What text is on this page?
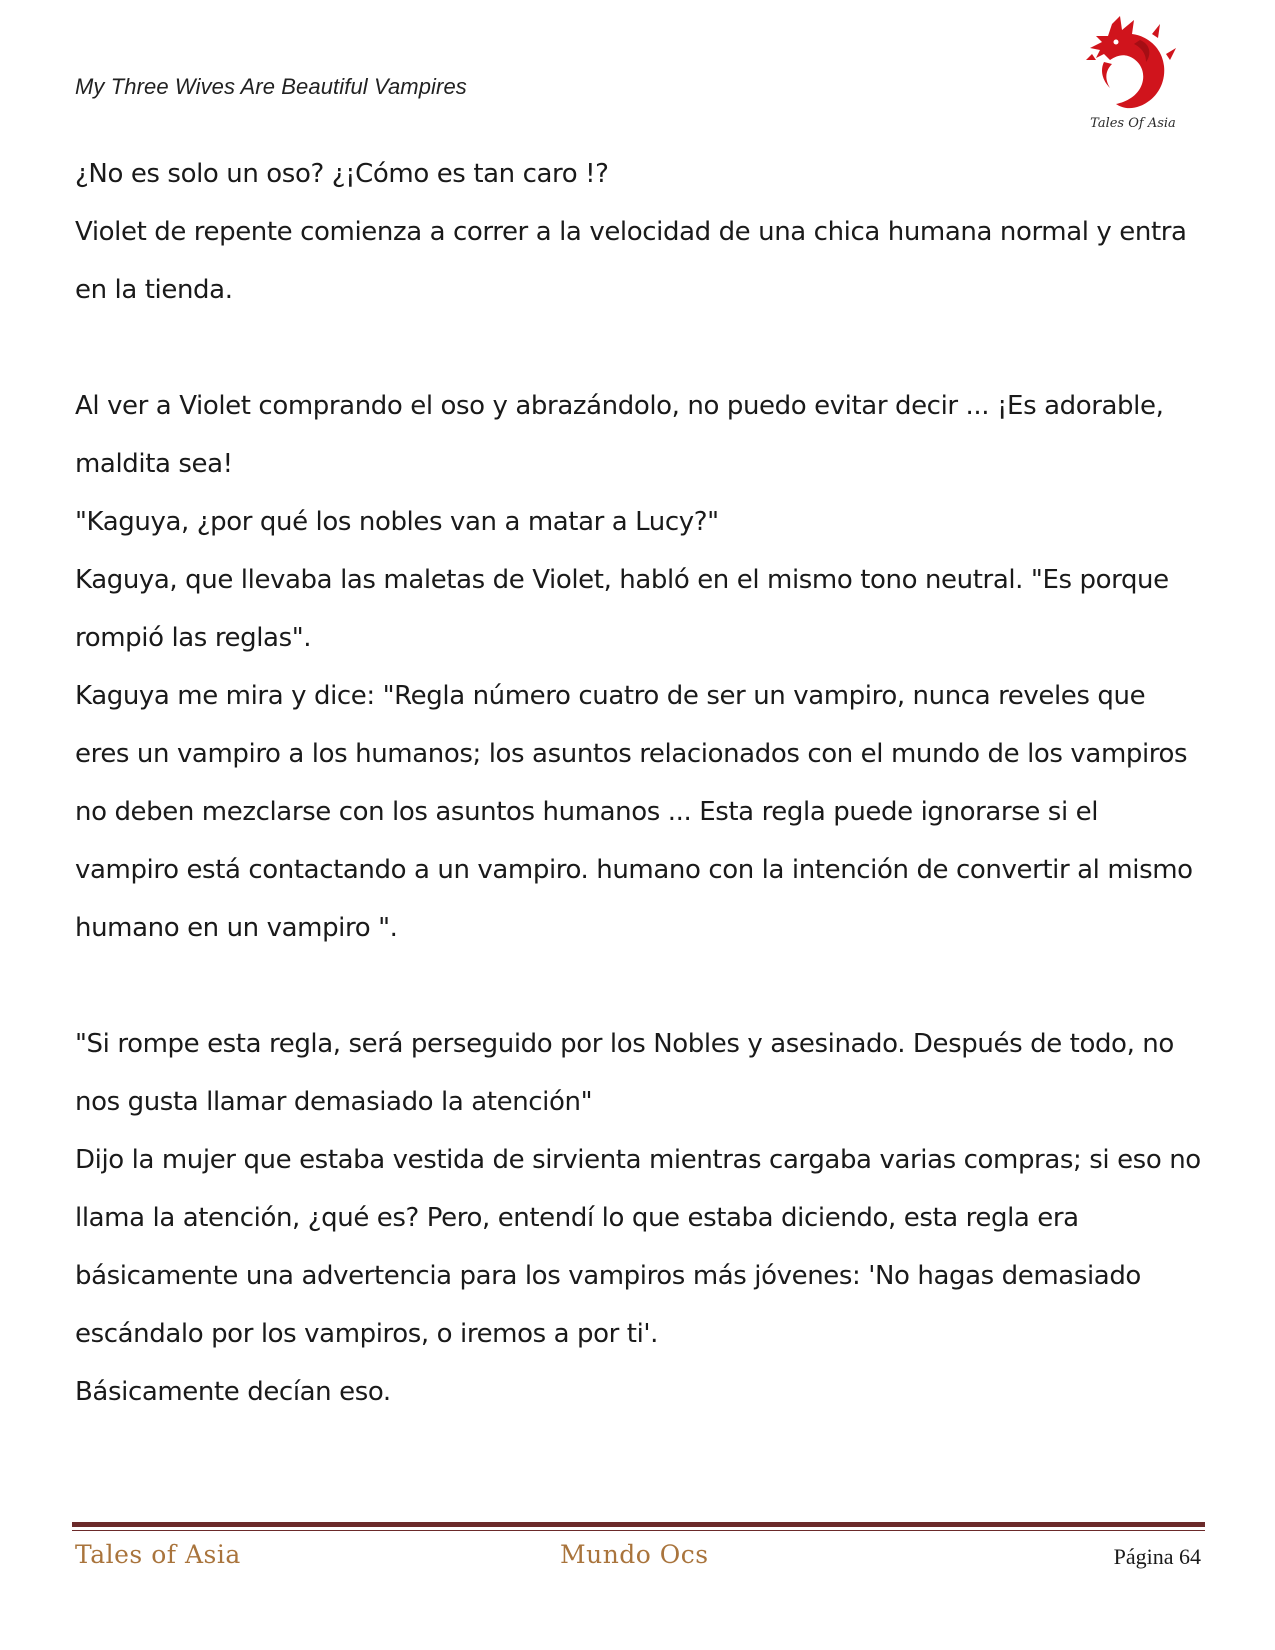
My Three Wives Are Beautiful Vampires
Tales Of Asia

¿No es solo un oso? ¿¡Cómo es tan caro !?

Violet de repente comienza a correr a la velocidad de una chica humana normal y entra en la tienda.

Al ver a Violet comprando el oso y abrazándolo, no puedo evitar decir ... ¡Es adorable, maldita sea!

"Kaguya, ¿por qué los nobles van a matar a Lucy?"

Kaguya, que llevaba las maletas de Violet, habló en el mismo tono neutral. "Es porque rompió las reglas".

Kaguya me mira y dice: "Regla número cuatro de ser un vampiro, nunca reveles que eres un vampiro a los humanos; los asuntos relacionados con el mundo de los vampiros no deben mezclarse con los asuntos humanos ... Esta regla puede ignorarse si el vampiro está contactando a un vampiro. humano con la intención de convertir al mismo humano en un vampiro ".

"Si rompe esta regla, será perseguido por los Nobles y asesinado. Después de todo, no nos gusta llamar demasiado la atención"

Dijo la mujer que estaba vestida de sirvienta mientras cargaba varias compras; si eso no llama la atención, ¿qué es? Pero, entendí lo que estaba diciendo, esta regla era básicamente una advertencia para los vampiros más jóvenes: 'No hagas demasiado escándalo por los vampiros, o iremos a por ti'.

Básicamente decían eso.

Tales of Asia	Mundo Ocs	Página 64
